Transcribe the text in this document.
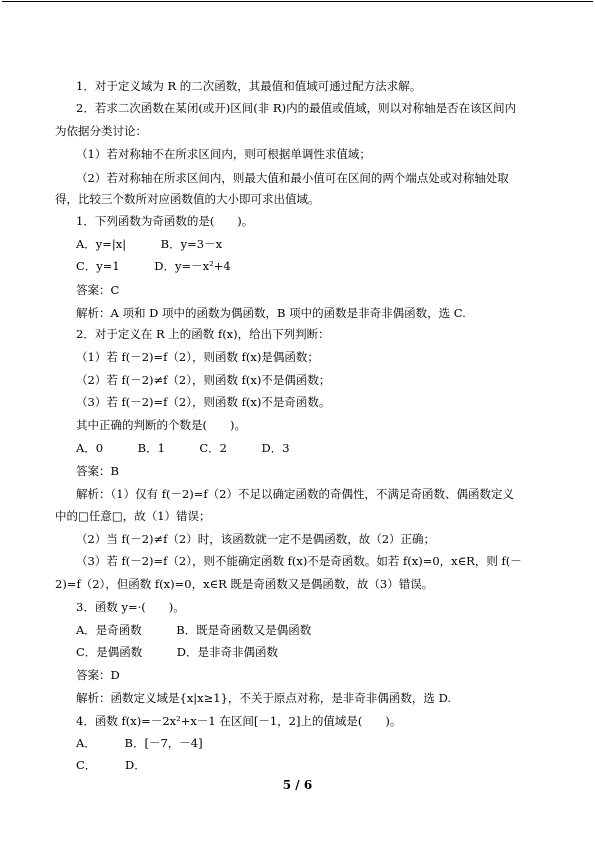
1．对于定义域为 R 的二次函数，其最值和值域可通过配方法求解。
2．若求二次函数在某闭(或开)区间(非 R)内的最值或值域，则以对称轴是否在该区间内
为依据分类讨论：
（1）若对称轴不在所求区间内，则可根据单调性求值域；
（2）若对称轴在所求区间内，则最大值和最小值可在区间的两个端点处或对称轴处取
得，比较三个数所对应函数值的大小即可求出值域。
1．下列函数为奇函数的是(　　)。
A．y=|x|　　　B．y=3－x
C．y=1　　　D．y=－x²+4
答案：C
解析：A 项和 D 项中的函数为偶函数，B 项中的函数是非奇非偶函数，选 C.
2．对于定义在 R 上的函数 f(x)，给出下列判断：
（1）若 f(－2)=f（2），则函数 f(x)是偶函数；
（2）若 f(－2)≠f（2），则函数 f(x)不是偶函数；
（3）若 f(－2)=f（2），则函数 f(x)不是奇函数。
其中正确的判断的个数是(　　)。
A．0　　　B．1　　　C．2　　　D．3
答案：B
解析：（1）仅有 f(－2)=f（2）不足以确定函数的奇偶性，不满足奇函数、偶函数定义
中的□任意□，故（1）错误；
（2）当 f(－2)≠f（2）时，该函数就一定不是偶函数，故（2）正确；
（3）若 f(－2)=f（2），则不能确定函数 f(x)不是奇函数。如若 f(x)=0，x∈R，则 f(－
2)=f（2），但函数 f(x)=0，x∈R 既是奇函数又是偶函数，故（3）错误。
3．函数 y=·(　　)。
A．是奇函数　　　B．既是奇函数又是偶函数
C．是偶函数　　　D．是非奇非偶函数
答案：D
解析：函数定义域是{x|x≥1}，不关于原点对称，是非奇非偶函数，选 D.
4．函数 f(x)=－2x²+x－1 在区间[－1，2]上的值域是(　　)。
A．　　　B．[－7，－4]
C．　　　D．
5 / 6
